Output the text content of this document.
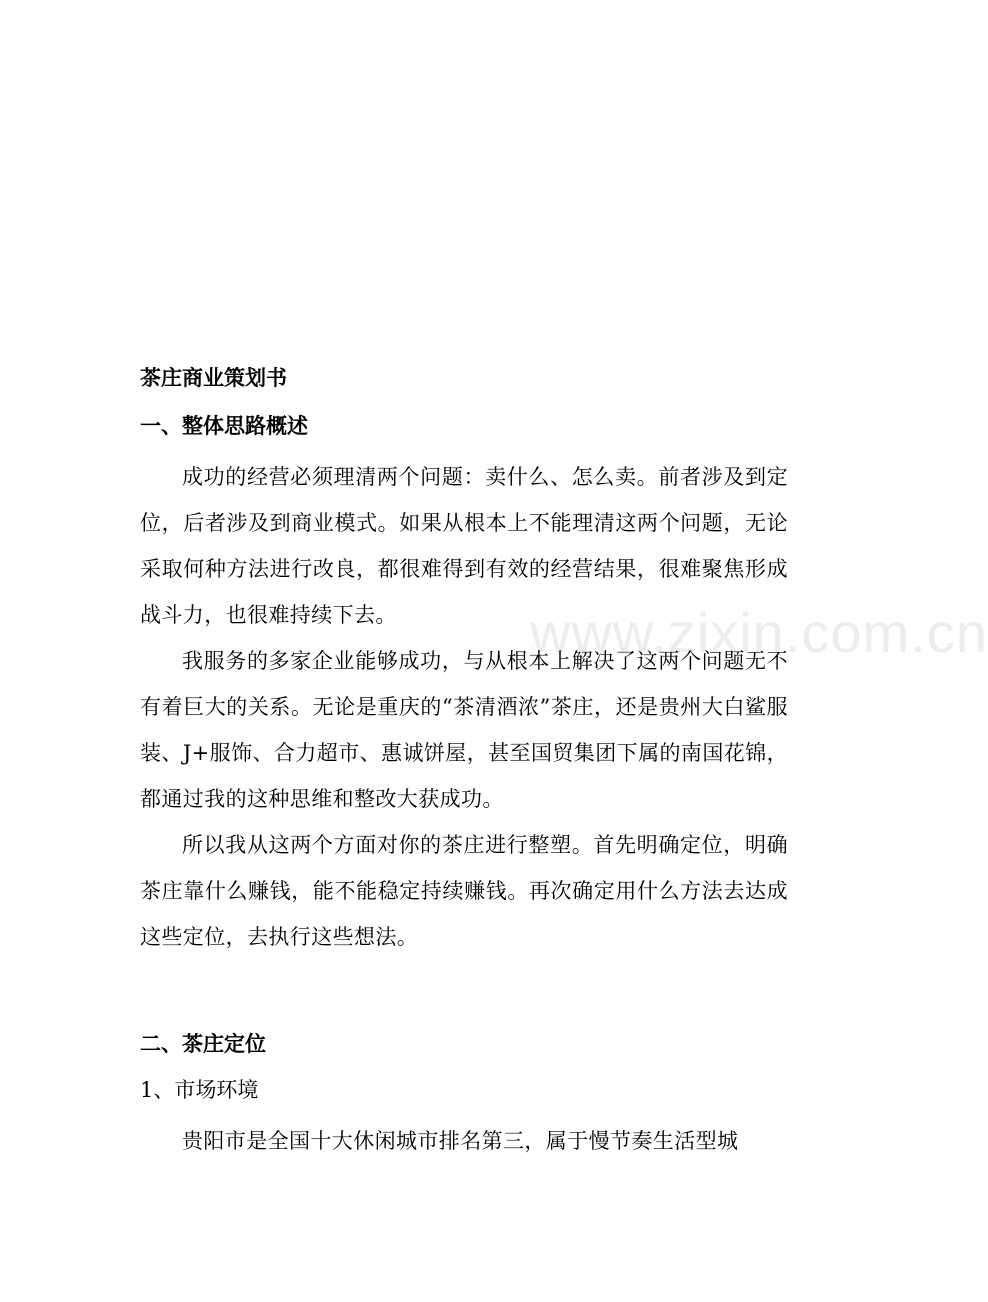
www.zixin.com.cn
茶庄商业策划书
一、整体思路概述

成功的经营必须理清两个问题：卖什么、怎么卖。前者涉及到定位，后者涉及到商业模式。如果从根本上不能理清这两个问题，无论采取何种方法进行改良，都很难得到有效的经营结果，很难聚焦形成战斗力，也很难持续下去。

我服务的多家企业能够成功，与从根本上解决了这两个问题无不有着巨大的关系。无论是重庆的“茶清酒浓”茶庄，还是贵州大白鲨服装、J+服饰、合力超市、惠诚饼屋，甚至国贸集团下属的南国花锦，都通过我的这种思维和整改大获成功。

所以我从这两个方面对你的茶庄进行整塑。首先明确定位，明确茶庄靠什么赚钱，能不能稳定持续赚钱。再次确定用什么方法去达成这些定位，去执行这些想法。

二、茶庄定位
1、市场环境

贵阳市是全国十大休闲城市排名第三，属于慢节奏生活型城
